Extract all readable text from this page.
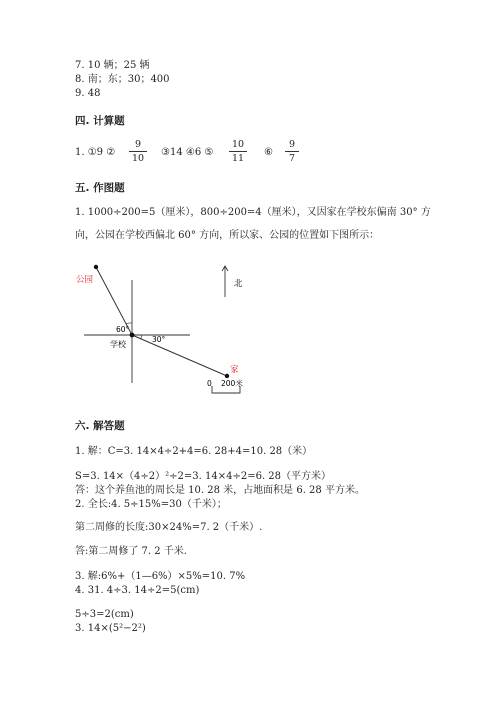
7. 10 辆；25 辆
8. 南；东；30；400
9. 48
四. 计算题
1. ①9 ②
9
10
③14 ④6 ⑤
10
11
⑥
9
7
五. 作图题
1. 1000÷200=5（厘米），800÷200=4（厘米），又因家在学校东偏南 30° 方
向，公园在学校西偏北 60° 方向，所以家、公园的位置如下图所示：
公园
60°
30°
学校
家
北
0 200米
六. 解答题
1. 解：C=3. 14×4÷2+4=6. 28+4=10. 28（米）
S=3. 14×（4÷2）²÷2=3. 14×4÷2=6. 28（平方米）
答：这个养鱼池的周长是 10. 28 米，占地面积是 6. 28 平方米。
2. 全长:4. 5÷15%=30（千米）；
第二周修的长度:30×24%=7. 2（千米）.
答:第二周修了 7. 2 千米.
3. 解:6%+（1—6%）×5%=10. 7%
4. 31. 4÷3. 14÷2=5(cm)
5÷3=2(cm)
3. 14×(5²−2²)
